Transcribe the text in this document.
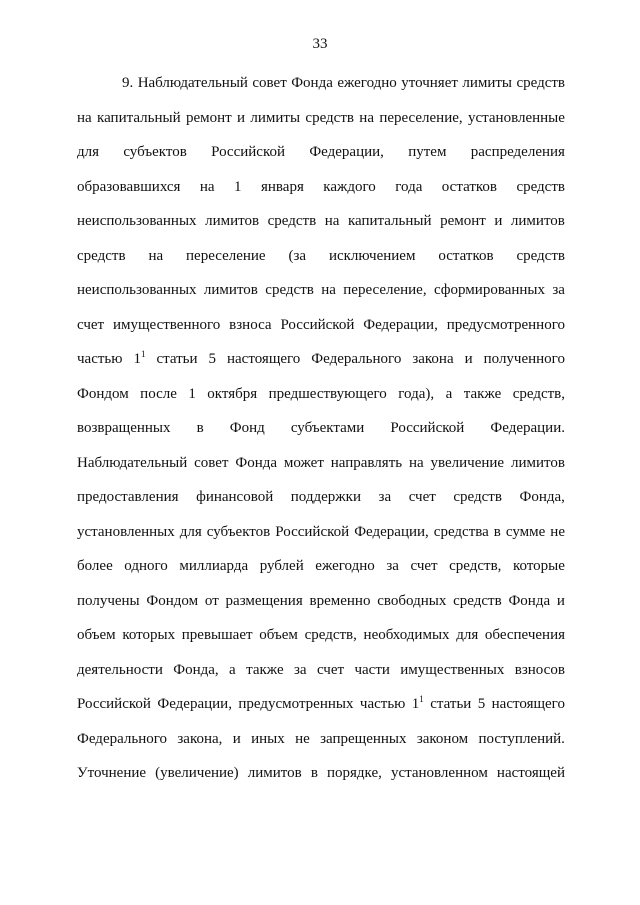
33
9. Наблюдательный совет Фонда ежегодно уточняет лимиты средств
на капитальный ремонт и лимиты средств на переселение, установленные
для субъектов Российской Федерации, путем распределения
образовавшихся на 1 января каждого года остатков средств
неиспользованных лимитов средств на капитальный ремонт и лимитов
средств на переселение (за исключением остатков средств
неиспользованных лимитов средств на переселение, сформированных за
счет имущественного взноса Российской Федерации, предусмотренного
частью $1^1$ статьи 5 настоящего Федерального закона и полученного
Фондом после 1 октября предшествующего года), а также средств,
возвращенных в Фонд субъектами Российской Федерации.
Наблюдательный совет Фонда может направлять на увеличение лимитов
предоставления финансовой поддержки за счет средств Фонда,
установленных для субъектов Российской Федерации, средства в сумме не
более одного миллиарда рублей ежегодно за счет средств, которые
получены Фондом от размещения временно свободных средств Фонда и
объем которых превышает объем средств, необходимых для обеспечения
деятельности Фонда, а также за счет части имущественных взносов
Российской Федерации, предусмотренных частью $1^1$ статьи 5 настоящего
Федерального закона, и иных не запрещенных законом поступлений.
Уточнение (увеличение) лимитов в порядке, установленном настоящей
